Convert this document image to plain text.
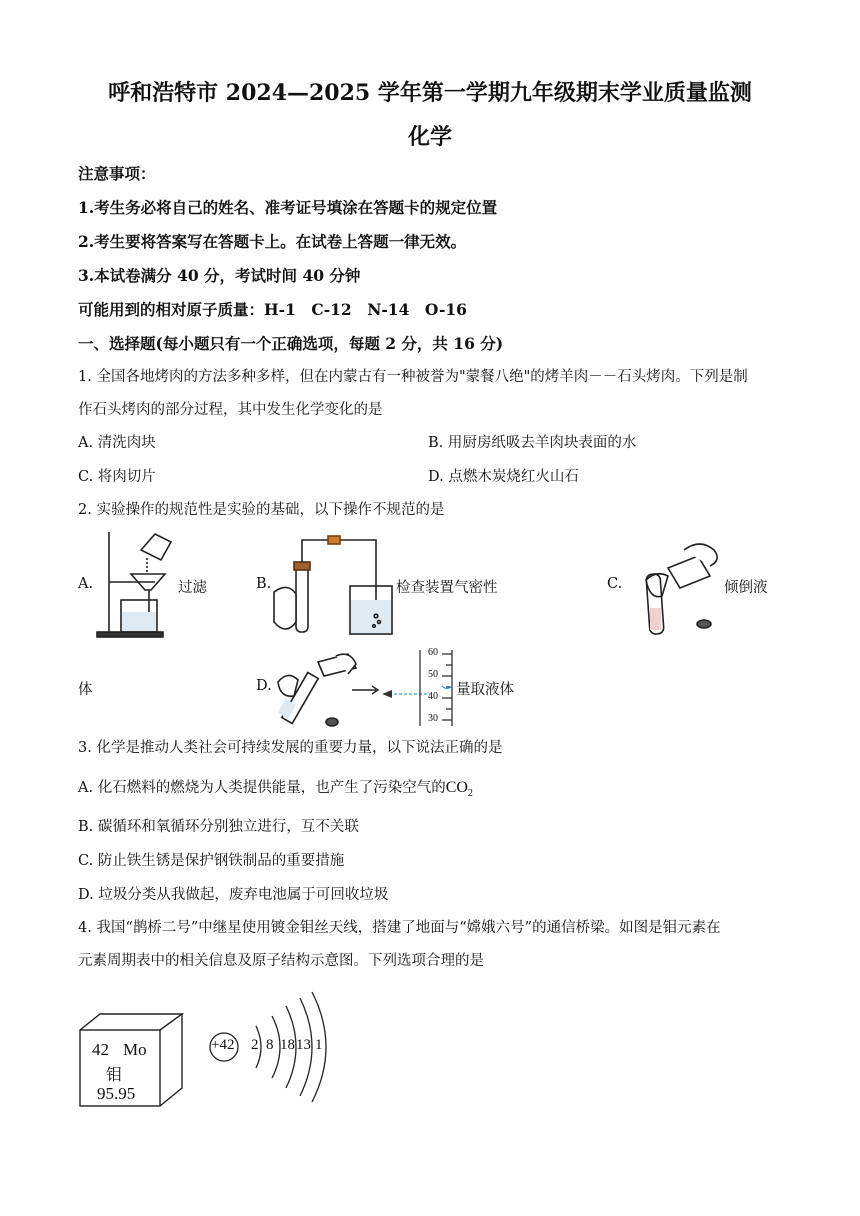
呼和浩特市 2024—2025 学年第一学期九年级期末学业质量监测
化学
注意事项：
1.考生务必将自己的姓名、准考证号填涂在答题卡的规定位置
2.考生要将答案写在答题卡上。在试卷上答题一律无效。
3.本试卷满分 40 分，考试时间 40 分钟
可能用到的相对原子质量：H-1　C-12　N-14　O-16
一、选择题(每小题只有一个正确选项，每题 2 分，共 16 分)
1. 全国各地烤肉的方法多种多样，但在内蒙古有一种被誉为"蒙餐八绝"的烤羊肉－－石头烤肉。下列是制
作石头烤肉的部分过程，其中发生化学变化的是
A. 清洗肉块	B. 用厨房纸吸去羊肉块表面的水
C. 将肉切片	D. 点燃木炭烧红火山石
2. 实验操作的规范性是实验的基础，以下操作不规范的是
A.	过滤	B.	检查装置气密性	C.	倾倒液
体	D.
60
50
40
30
量取液体
3. 化学是推动人类社会可持续发展的重要力量，以下说法正确的是
A. 化石燃料的燃烧为人类提供能量，也产生了污染空气的$CO_2$
B. 碳循环和氧循环分别独立进行，互不关联
C. 防止铁生锈是保护钢铁制品的重要措施
D. 垃圾分类从我做起，废弃电池属于可回收垃圾
4. 我国“鹊桥二号”中继星使用镀金钼丝天线，搭建了地面与“嫦娥六号”的通信桥梁。如图是钼元素在
元素周期表中的相关信息及原子结构示意图。下列选项合理的是
42 Mo
钼
95.95
+42 2 8 18 13 1
